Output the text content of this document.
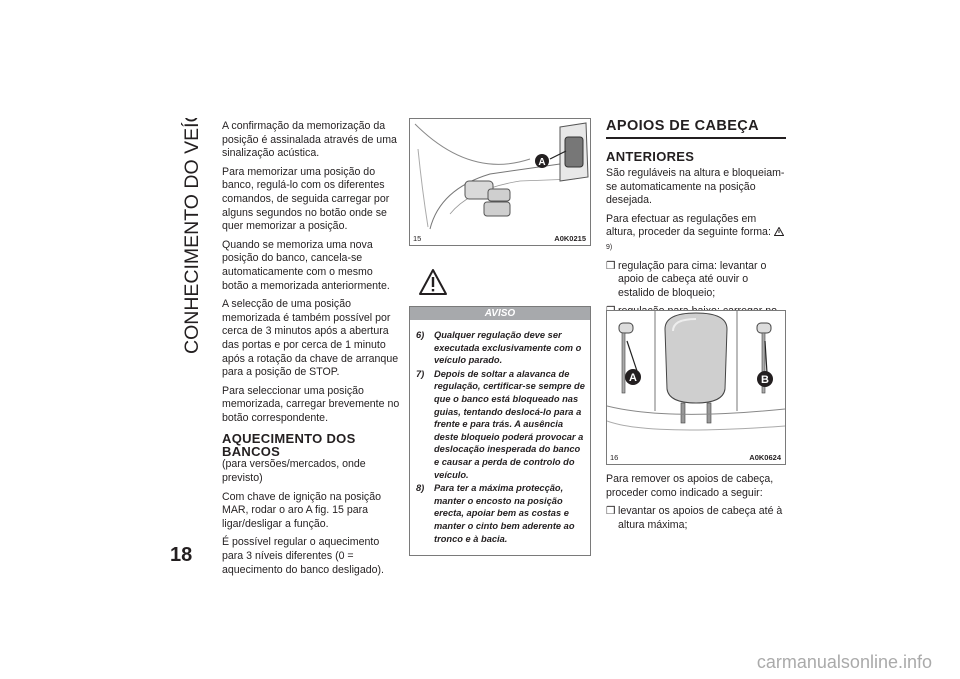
CONHECIMENTO DO VEÍCULO
18

A confirmação da memorização da posição é assinalada através de uma sinalização acústica.

Para memorizar uma posição do banco, regulá-lo com os diferentes comandos, de seguida carregar por alguns segundos no botão onde se quer memorizar a posição.

Quando se memoriza uma nova posição do banco, cancela-se automaticamente com o mesmo botão a memorizada anteriormente.

A selecção de uma posição memorizada é também possível por cerca de 3 minutos após a abertura das portas e por cerca de 1 minuto após a rotação da chave de arranque para a posição de STOP.

Para seleccionar uma posição memorizada, carregar brevemente no botão correspondente.

AQUECIMENTO DOS
BANCOS

(para versões/mercados, onde previsto)

Com chave de ignição na posição MAR, rodar o aro A fig. 15 para ligar/desligar a função.

É possível regular o aquecimento para 3 níveis diferentes (0 = aquecimento do banco desligado).

A
15	A0K0215
AVISO
6) Qualquer regulação deve ser executada exclusivamente com o veículo parado.
7) Depois de soltar a alavanca de regulação, certificar-se sempre de que o banco está bloqueado nas guias, tentando deslocá-lo para a frente e para trás. A ausência deste bloqueio poderá provocar a deslocação inesperada do banco e causar a perda de controlo do veículo.
8) Para ter a máxima protecção, manter o encosto na posição erecta, apoiar bem as costas e manter o cinto bem aderente ao tronco e à bacia.
APOIOS DE CABEÇA
ANTERIORES

São reguláveis na altura e bloqueiam-se automaticamente na posição desejada.

Para efectuar as regulações em altura, proceder da seguinte forma:  9)

❒ regulação para cima: levantar o apoio de cabeça até ouvir o estalido de bloqueio;
A	B
16	A0K0624

Para remover os apoios de cabeça, proceder como indicado a seguir:

❒ levantar os apoios de cabeça até à altura máxima;
carmanualsonline.info
